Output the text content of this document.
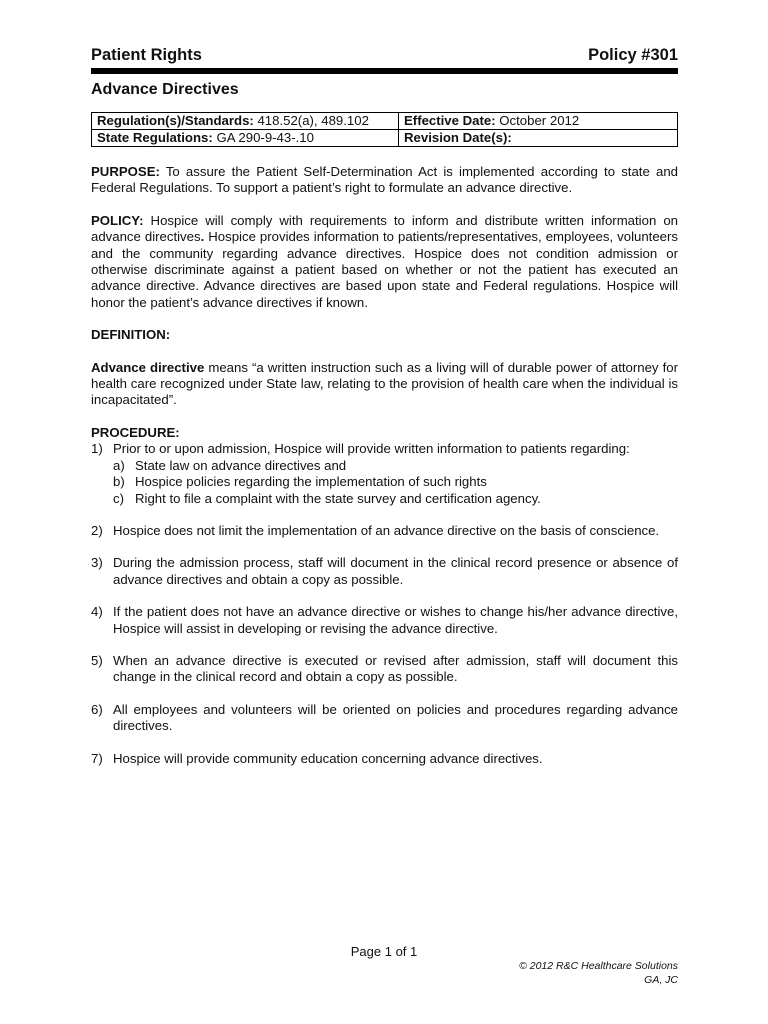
Patient Rights	Policy #301
Advance Directives
Regulation(s)/Standards: 418.52(a), 489.102	Effective Date: October 2012
State Regulations: GA 290-9-43-.10	Revision Date(s):

PURPOSE: To assure the Patient Self-Determination Act is implemented according to state and Federal Regulations. To support a patient’s right to formulate an advance directive.

POLICY: Hospice will comply with requirements to inform and distribute written information on advance directives. Hospice provides information to patients/representatives, employees, volunteers and the community regarding advance directives. Hospice does not condition admission or otherwise discriminate against a patient based on whether or not the patient has executed an advance directive. Advance directives are based upon state and Federal regulations. Hospice will honor the patient’s advance directives if known.

DEFINITION:

Advance directive means “a written instruction such as a living will of durable power of attorney for health care recognized under State law, relating to the provision of health care when the individual is incapacitated”.

PROCEDURE:

1) Prior to or upon admission, Hospice will provide written information to patients regarding:
a) State law on advance directives and
b) Hospice policies regarding the implementation of such rights
c) Right to file a complaint with the state survey and certification agency.
2) Hospice does not limit the implementation of an advance directive on the basis of conscience.
3) During the admission process, staff will document in the clinical record presence or absence of advance directives and obtain a copy as possible.
4) If the patient does not have an advance directive or wishes to change his/her advance directive, Hospice will assist in developing or revising the advance directive.
5) When an advance directive is executed or revised after admission, staff will document this change in the clinical record and obtain a copy as possible.
6) All employees and volunteers will be oriented on policies and procedures regarding advance directives.
7) Hospice will provide community education concerning advance directives.
Page 1 of 1
© 2012 R&C Healthcare Solutions
GA, JC
